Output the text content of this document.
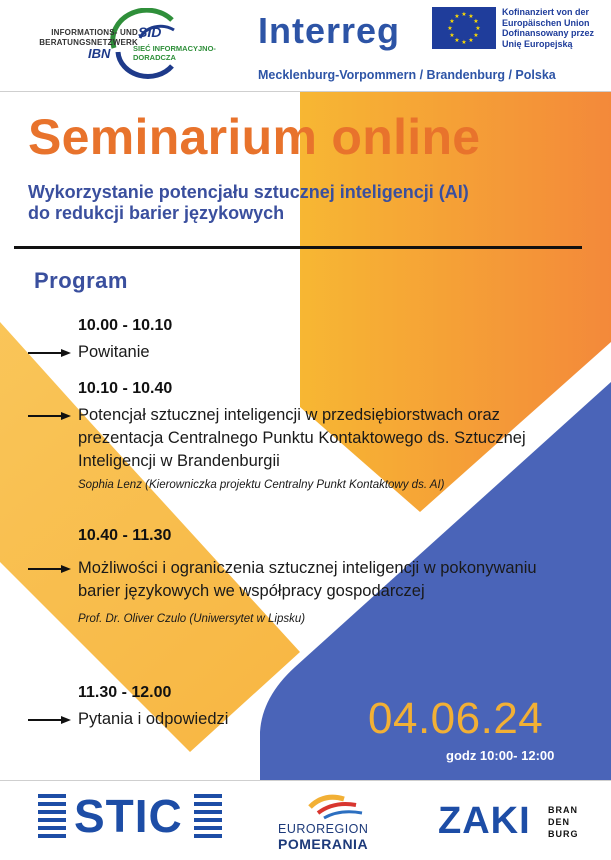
INFORMATIONS- UND
BERATUNGSNETZWERK
SID
IBN	SIEĆ INFORMACYJNO-
DORADCZA
Interreg
Mecklenburg-Vorpommern / Brandenburg / Polska
★ ★
★
★
★
★
★
★
★
★
★
★	Kofinanziert von der
Europäischen Union
Dofinansowany przez
Unię Europejską
Seminarium online
Wykorzystanie potencjału sztucznej inteligencji (AI)
do redukcji barier językowych
Program
10.00 - 10.10
Powitanie
10.10 - 10.40
Potencjał sztucznej inteligencji w przedsiębiorstwach oraz prezentacja Centralnego Punktu Kontaktowego ds. Sztucznej Inteligencji w Brandenburgii
Sophia Lenz (Kierowniczka projektu Centralny Punkt Kontaktowy ds. AI)
10.40 - 11.30
Możliwości i ograniczenia sztucznej inteligencji w pokonywaniu barier językowych we współpracy gospodarczej
Prof. Dr. Oliver Czulo (Uniwersytet w Lipsku)
11.30 - 12.00
Pytania i odpowiedzi	04.06.24
godz 10:00- 12:00
STIC	EUROREGION
POMERANIA
ZAKI BRAN
DEN
BURG
